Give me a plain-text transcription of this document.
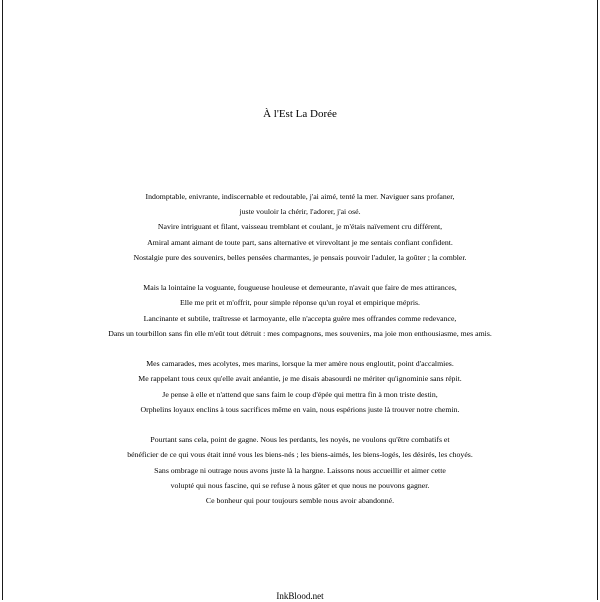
À l'Est La Dorée
Indomptable, enivrante, indiscernable et redoutable, j'ai aimé, tenté la mer. Naviguer sans profaner,
juste vouloir la chérir, l'adorer, j'ai osé.
Navire intriguant et filant, vaisseau tremblant et coulant, je m'étais naïvement cru différent,
Amiral amant aimant de toute part, sans alternative et virevoltant je me sentais confiant confident.
Nostalgie pure des souvenirs, belles pensées charmantes, je pensais pouvoir l'aduler, la goûter ; la combler.
Mais la lointaine la voguante, fougueuse houleuse et demeurante, n'avait que faire de mes attirances,
Elle me prit et m'offrit, pour simple réponse qu'un royal et empirique mépris.
Lancinante et subtile, traîtresse et larmoyante, elle n'accepta guère mes offrandes comme redevance,
Dans un tourbillon sans fin elle m'eût tout détruit : mes compagnons, mes souvenirs, ma joie mon enthousiasme, mes amis.
Mes camarades, mes acolytes, mes marins, lorsque la mer amère nous engloutit, point d'accalmies.
Me rappelant tous ceux qu'elle avait anéantie, je me disais abasourdi ne mériter qu'ignominie sans répit.
Je pense à elle et n'attend que sans faim le coup d'épée qui mettra fin à mon triste destin,
Orphelins loyaux enclins à tous sacrifices même en vain, nous espérions juste là trouver notre chemin.
Pourtant sans cela, point de gagne. Nous les perdants, les noyés, ne voulons qu'être combatifs et
bénéficier de ce qui vous était inné vous les biens-nés ; les biens-aimés, les biens-logés, les désirés, les choyés.
Sans ombrage ni outrage nous avons juste là la hargne. Laissons nous accueillir et aimer cette
volupté qui nous fascine, qui se refuse à nous gâter et que nous ne pouvons gagner.
Ce bonheur qui pour toujours semble nous avoir abandonné.
InkBlood.net
